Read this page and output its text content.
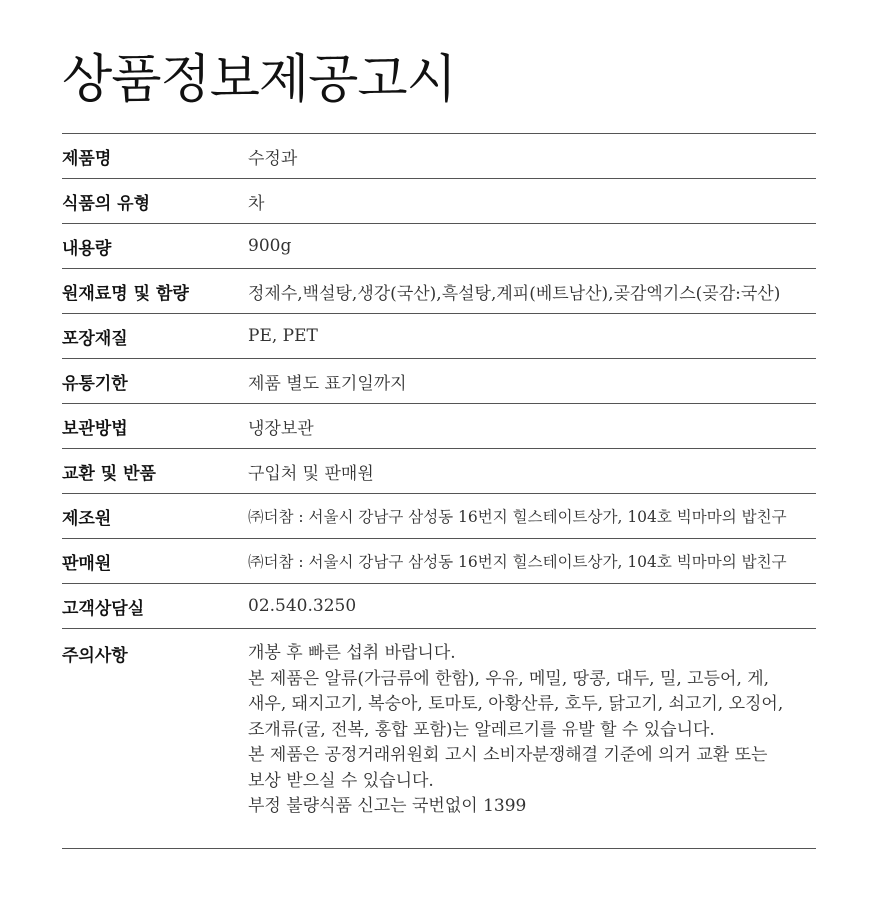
상품정보제공고시
제품명	수정과
식품의 유형	차
내용량	900g
원재료명 및 함량	정제수,백설탕,생강(국산),흑설탕,계피(베트남산),곶감엑기스(곶감:국산)
포장재질	PE, PET
유통기한	제품 별도 표기일까지
보관방법	냉장보관
교환 및 반품	구입처 및 판매원
제조원	㈜더참 : 서울시 강남구 삼성동 16번지 힐스테이트상가, 104호 빅마마의 밥친구
판매원	㈜더참 : 서울시 강남구 삼성동 16번지 힐스테이트상가, 104호 빅마마의 밥친구
고객상담실	02.540.3250
주의사항	개봉 후 빠른 섭취 바랍니다.
본 제품은 알류(가금류에 한함), 우유, 메밀, 땅콩, 대두, 밀, 고등어, 게,
새우, 돼지고기, 복숭아, 토마토, 아황산류, 호두, 닭고기, 쇠고기, 오징어,
조개류(굴, 전복, 홍합 포함)는 알레르기를 유발 할 수 있습니다.
본 제품은 공정거래위원회 고시 소비자분쟁해결 기준에 의거 교환 또는
보상 받으실 수 있습니다.
부정 불량식품 신고는 국번없이 1399
